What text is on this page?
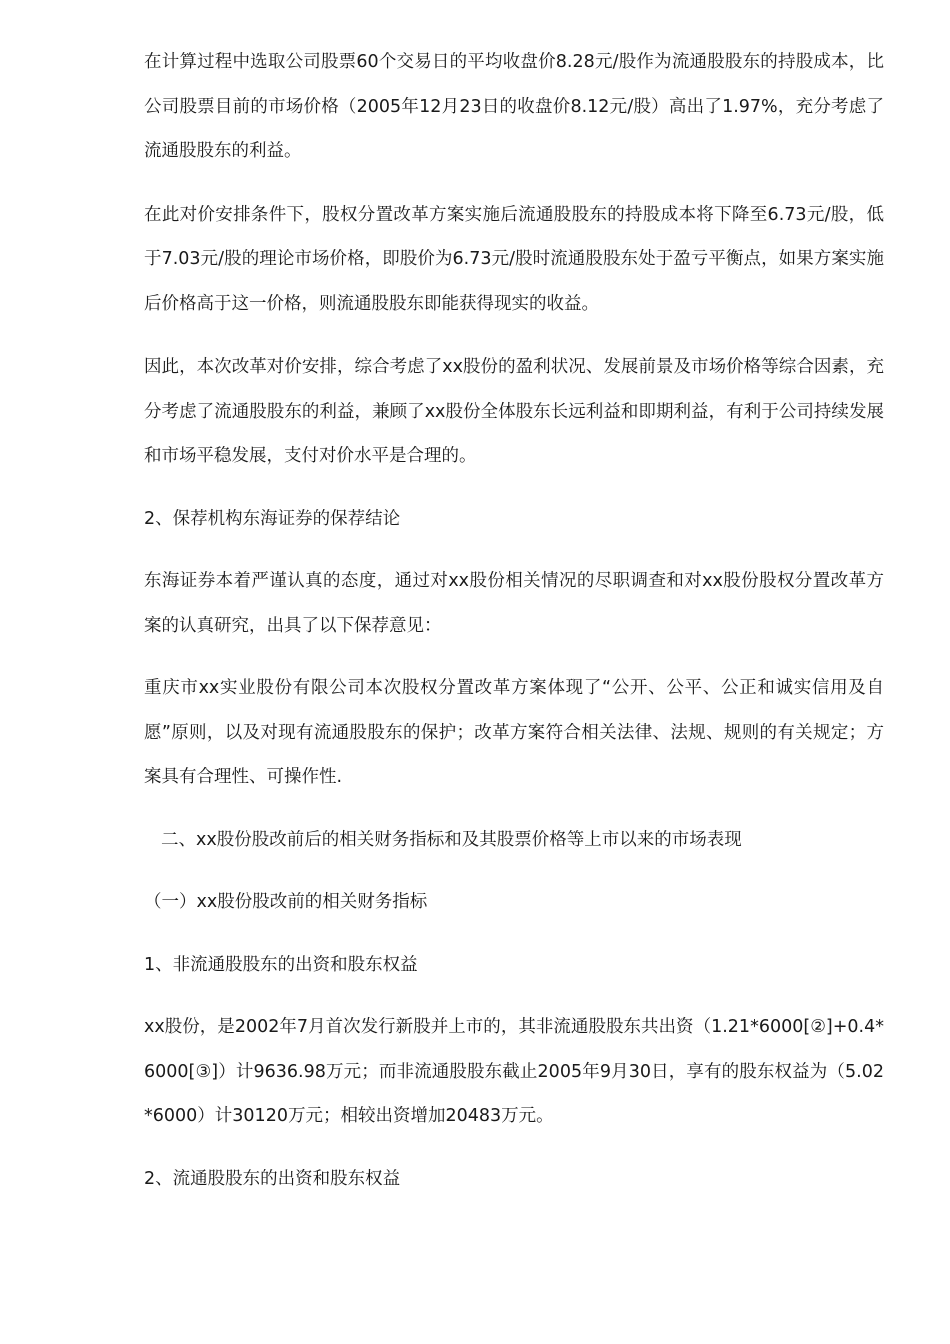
在计算过程中选取公司股票60个交易日的平均收盘价8.28元/股作为流通股股东的持股成本，比公司股票目前的市场价格（2005年12月23日的收盘价8.12元/股）高出了1.97%，充分考虑了流通股股东的利益。

在此对价安排条件下，股权分置改革方案实施后流通股股东的持股成本将下降至6.73元/股，低于7.03元/股的理论市场价格，即股价为6.73元/股时流通股股东处于盈亏平衡点，如果方案实施后价格高于这一价格，则流通股股东即能获得现实的收益。

因此，本次改革对价安排，综合考虑了xx股份的盈利状况、发展前景及市场价格等综合因素，充分考虑了流通股股东的利益，兼顾了xx股份全体股东长远利益和即期利益，有利于公司持续发展和市场平稳发展，支付对价水平是合理的。

2、保荐机构东海证券的保荐结论

东海证券本着严谨认真的态度，通过对xx股份相关情况的尽职调查和对xx股份股权分置改革方案的认真研究，出具了以下保荐意见：

重庆市xx实业股份有限公司本次股权分置改革方案体现了“公开、公平、公正和诚实信用及自愿”原则，以及对现有流通股股东的保护；改革方案符合相关法律、法规、规则的有关规定；方案具有合理性、可操作性.

二、xx股份股改前后的相关财务指标和及其股票价格等上市以来的市场表现

（一）xx股份股改前的相关财务指标

1、非流通股股东的出资和股东权益

xx股份，是2002年7月首次发行新股并上市的，其非流通股股东共出资（1.21*6000[②]+0.4*6000[③]）计9636.98万元；而非流通股股东截止2005年9月30日，享有的股东权益为（5.02*6000）计30120万元；相较出资增加20483万元。

2、流通股股东的出资和股东权益
